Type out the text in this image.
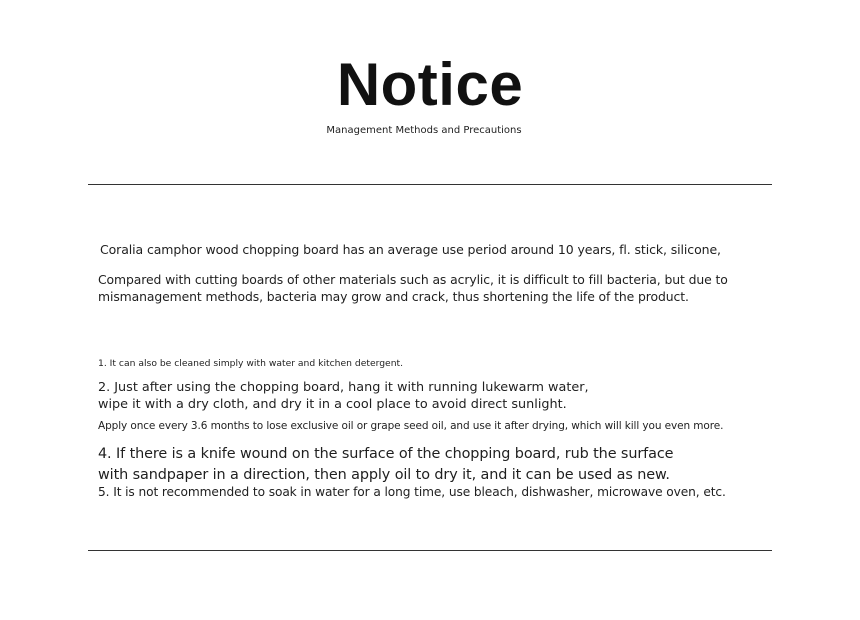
Notice
Management Methods and Precautions
Coralia camphor wood chopping board has an average use period around 10 years, fl. stick, silicone,
Compared with cutting boards of other materials such as acrylic, it is difficult to fill bacteria, but due to
mismanagement methods, bacteria may grow and crack, thus shortening the life of the product.
1. It can also be cleaned simply with water and kitchen detergent.
2. Just after using the chopping board, hang it with running lukewarm water,
wipe it with a dry cloth, and dry it in a cool place to avoid direct sunlight.
Apply once every 3.6 months to lose exclusive oil or grape seed oil, and use it after drying, which will kill you even more.
4. If there is a knife wound on the surface of the chopping board, rub the surface
with sandpaper in a direction, then apply oil to dry it, and it can be used as new.
5. It is not recommended to soak in water for a long time, use bleach, dishwasher, microwave oven, etc.
